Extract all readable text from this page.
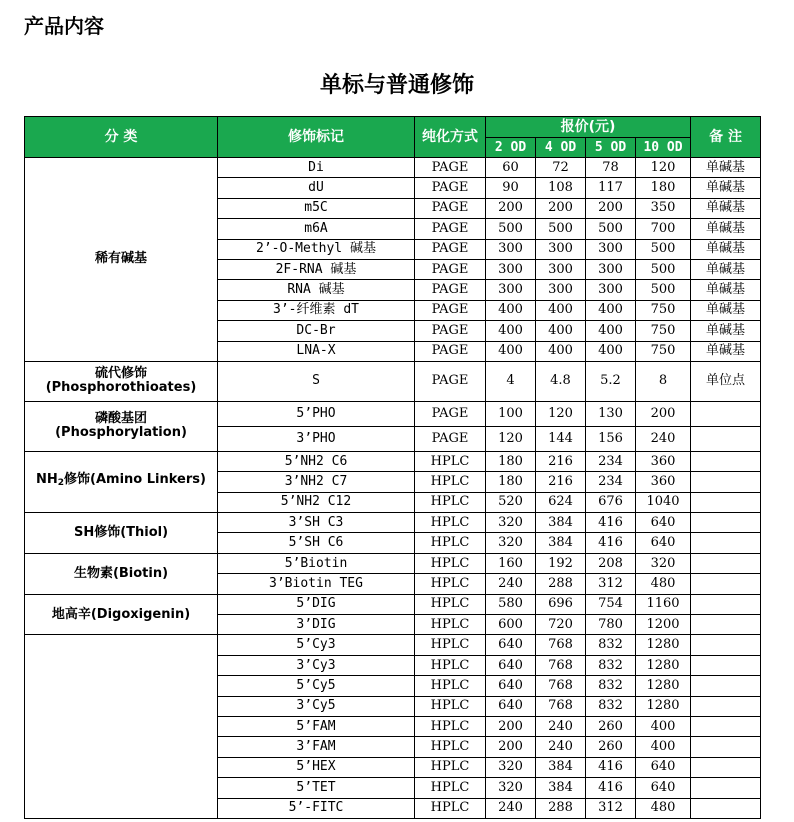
产品内容
单标与普通修饰
分 类	修饰标记	纯化方式	报价(元)				备 注
			2 OD	4 OD	5 OD	10 OD	

稀有碱基	Di	PAGE	60	72	78	120	单碱基
	dU	PAGE	90	108	117	180	单碱基
	m5C	PAGE	200	200	200	350	单碱基
	m6A	PAGE	500	500	500	700	单碱基
	2’-O-Methyl 碱基	PAGE	300	300	300	500	单碱基
	2F-RNA 碱基	PAGE	300	300	300	500	单碱基
	RNA 碱基	PAGE	300	300	300	500	单碱基
	3’-纤维素 dT	PAGE	400	400	400	750	单碱基
	DC-Br	PAGE	400	400	400	750	单碱基
	LNA-X	PAGE	400	400	400	750	单碱基

硫代修饰
(Phosphorothioates)	S	PAGE	4	4.8	5.2	8	单位点

磷酸基团
(Phosphorylation)	5’PHO	PAGE	100	120	130	200	
	3’PHO	PAGE	120	144	156	240	
NH2修饰(Amino Linkers)	5’NH2 C6	HPLC	180	216	234	360	
	3’NH2 C7	HPLC	180	216	234	360	
	5’NH2 C12	HPLC	520	624	676	1040	

SH修饰(Thiol)	3’SH C3	HPLC	320	384	416	640	
	5’SH C6	HPLC	320	384	416	640	

生物素(Biotin)	5’Biotin	HPLC	160	192	208	320	
	3’Biotin TEG	HPLC	240	288	312	480	

地高辛(Digoxigenin)	5’DIG	HPLC	580	696	754	1160	
	3’DIG	HPLC	600	720	780	1200	

	5’Cy3	HPLC	640	768	832	1280	
	3’Cy3	HPLC	640	768	832	1280	
	5’Cy5	HPLC	640	768	832	1280	
	3’Cy5	HPLC	640	768	832	1280	
	5’FAM	HPLC	200	240	260	400	
	3’FAM	HPLC	200	240	260	400	
	5’HEX	HPLC	320	384	416	640	
	5’TET	HPLC	320	384	416	640	
	5’-FITC	HPLC	240	288	312	480	
